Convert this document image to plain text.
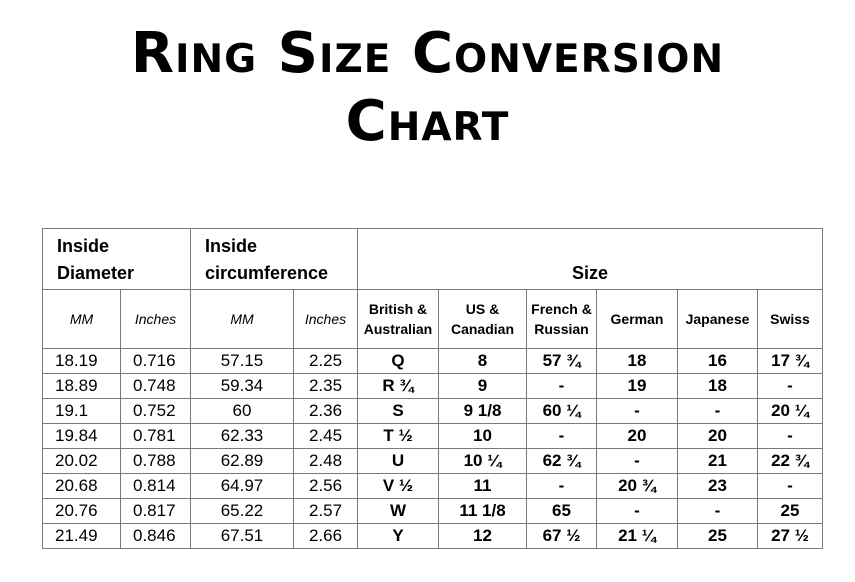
Ring Size Conversion
Chart
Inside Diameter		Inside circumference		Size					
MM	Inches	MM	Inches	British & Australian	US & Canadian	French & Russian	German	Japanese	Swiss
18.19	0.716	57.15	2.25	Q	8	57 ¾	18	16	17 ¾
18.89	0.748	59.34	2.35	R ¾	9	-	19	18	-
19.1	0.752	60	2.36	S	9 1/8	60 ¼	-	-	20 ¼
19.84	0.781	62.33	2.45	T ½	10	-	20	20	-
20.02	0.788	62.89	2.48	U	10 ¼	62 ¾	-	21	22 ¾
20.68	0.814	64.97	2.56	V ½	11	-	20 ¾	23	-
20.76	0.817	65.22	2.57	W	11 1/8	65	-	-	25
21.49	0.846	67.51	2.66	Y	12	67 ½	21 ¼	25	27 ½
